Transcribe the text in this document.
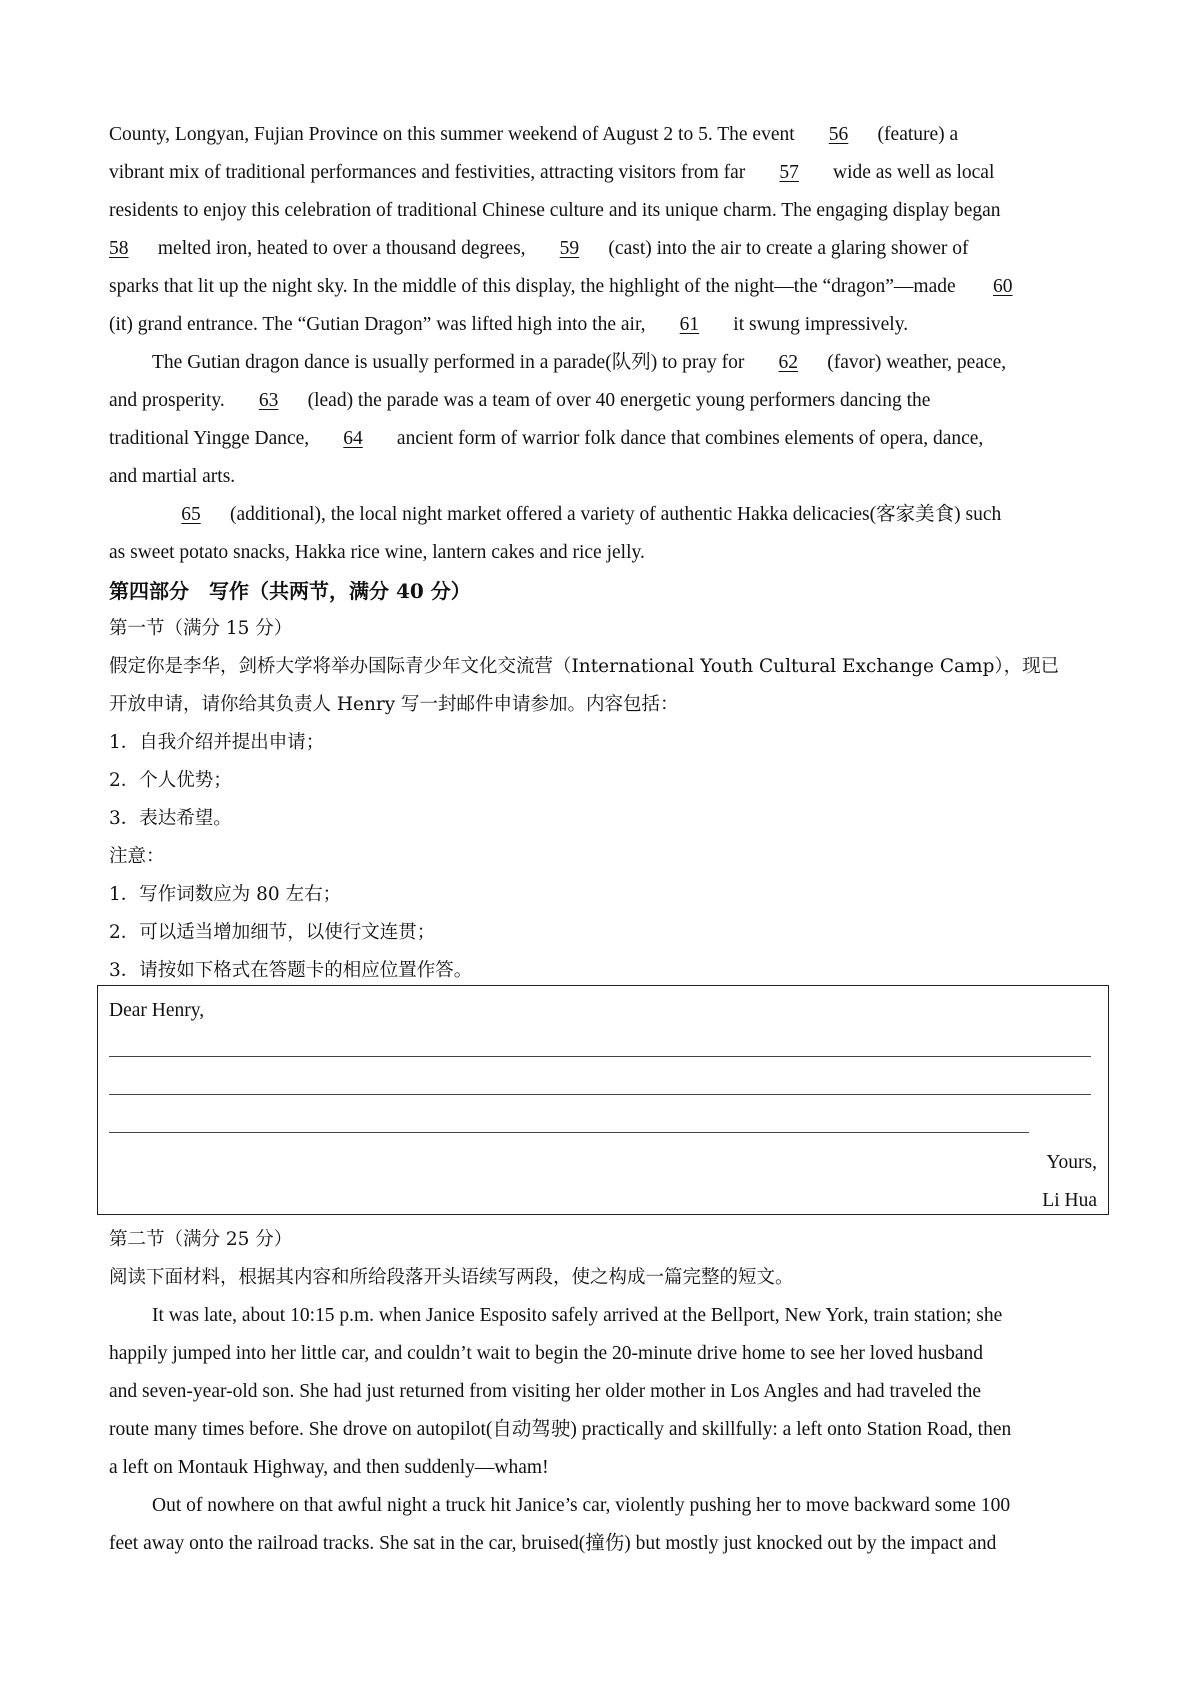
County, Longyan, Fujian Province on this summer weekend of August 2 to 5. The event 56 (feature) a
vibrant mix of traditional performances and festivities, attracting visitors from far 57 wide as well as local
residents to enjoy this celebration of traditional Chinese culture and its unique charm. The engaging display began
58 melted iron, heated to over a thousand degrees, 59 (cast) into the air to create a glaring shower of
sparks that lit up the night sky. In the middle of this display, the highlight of the night—the “dragon”—made 60
(it) grand entrance. The “Gutian Dragon” was lifted high into the air, 61 it swung impressively.
The Gutian dragon dance is usually performed in a parade(队列) to pray for 62 (favor) weather, peace,
and prosperity. 63 (lead) the parade was a team of over 40 energetic young performers dancing the
traditional Yingge Dance, 64 ancient form of warrior folk dance that combines elements of opera, dance,
and martial arts.
65 (additional), the local night market offered a variety of authentic Hakka delicacies(客家美食) such
as sweet potato snacks, Hakka rice wine, lantern cakes and rice jelly.
第四部分　写作（共两节，满分 40 分）
第一节（满分 15 分）
假定你是李华，剑桥大学将举办国际青少年文化交流营（International Youth Cultural Exchange Camp），现已
开放申请，请你给其负责人 Henry 写一封邮件申请参加。内容包括：
1．自我介绍并提出申请；
2．个人优势；
3．表达希望。
注意：
1．写作词数应为 80 左右；
2．可以适当增加细节，以使行文连贯；
3．请按如下格式在答题卡的相应位置作答。
Dear Henry,
Yours,
Li Hua
第二节（满分 25 分）
阅读下面材料，根据其内容和所给段落开头语续写两段，使之构成一篇完整的短文。
It was late, about 10:15 p.m. when Janice Esposito safely arrived at the Bellport, New York, train station; she
happily jumped into her little car, and couldn’t wait to begin the 20-minute drive home to see her loved husband
and seven-year-old son. She had just returned from visiting her older mother in Los Angles and had traveled the
route many times before. She drove on autopilot(自动驾驶) practically and skillfully: a left onto Station Road, then
a left on Montauk Highway, and then suddenly—wham!
Out of nowhere on that awful night a truck hit Janice’s car, violently pushing her to move backward some 100
feet away onto the railroad tracks. She sat in the car, bruised(撞伤) but mostly just knocked out by the impact and
